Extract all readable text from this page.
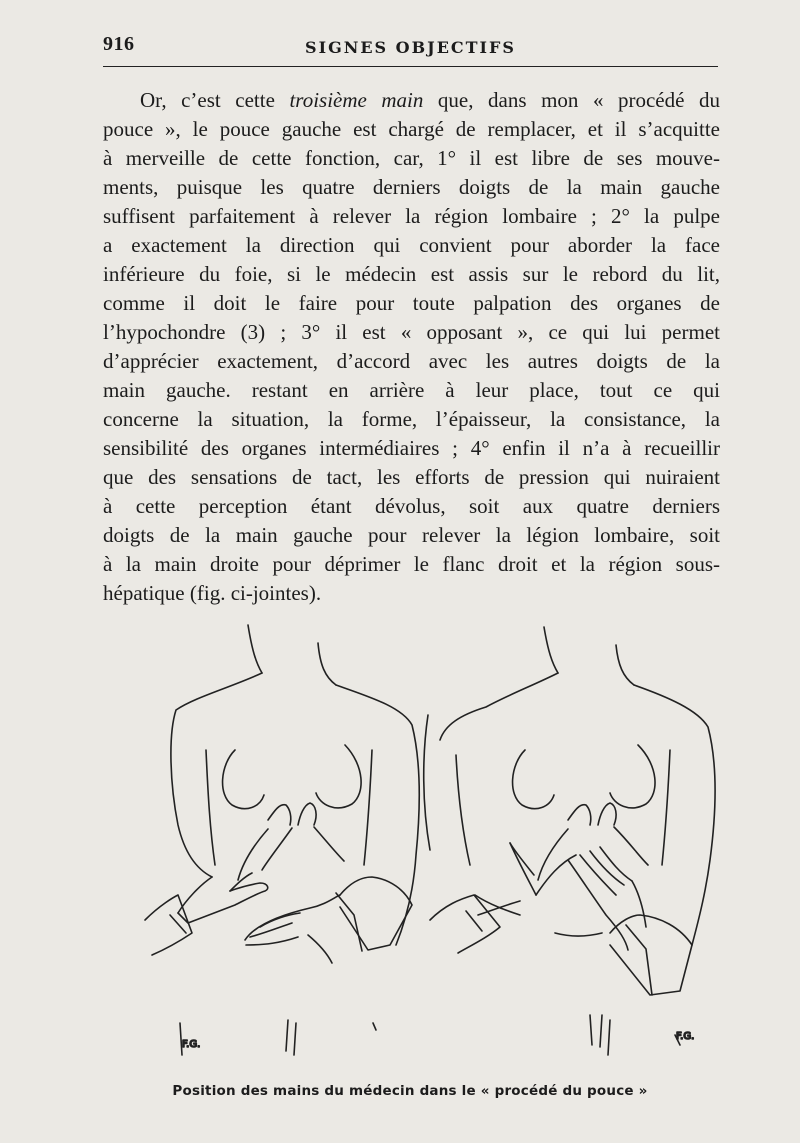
916	SIGNES OBJECTIFS
Or, c’est cette troisième main que, dans mon « procédé du
pouce », le pouce gauche est chargé de remplacer, et il s’acquitte
à merveille de cette fonction, car, 1° il est libre de ses mouve-
ments, puisque les quatre derniers doigts de la main gauche
suffisent parfaitement à relever la région lombaire ; 2° la pulpe
a exactement la direction qui convient pour aborder la face
inférieure du foie, si le médecin est assis sur le rebord du lit,
comme il doit le faire pour toute palpation des organes de
l’hypochondre (3) ; 3° il est « opposant », ce qui lui permet
d’apprécier exactement, d’accord avec les autres doigts de la
main gauche. restant en arrière à leur place, tout ce qui
concerne la situation, la forme, l’épaisseur, la consistance, la
sensibilité des organes intermédiaires ; 4° enfin il n’a à recueillir
que des sensations de tact, les efforts de pression qui nuiraient
à cette perception étant dévolus, soit aux quatre derniers
doigts de la main gauche pour relever la légion lombaire, soit
à la main droite pour déprimer le flanc droit et la région sous-
hépatique (fig. ci-jointes).
F.G.
F.G.
Position des mains du médecin dans le « procédé du pouce »
